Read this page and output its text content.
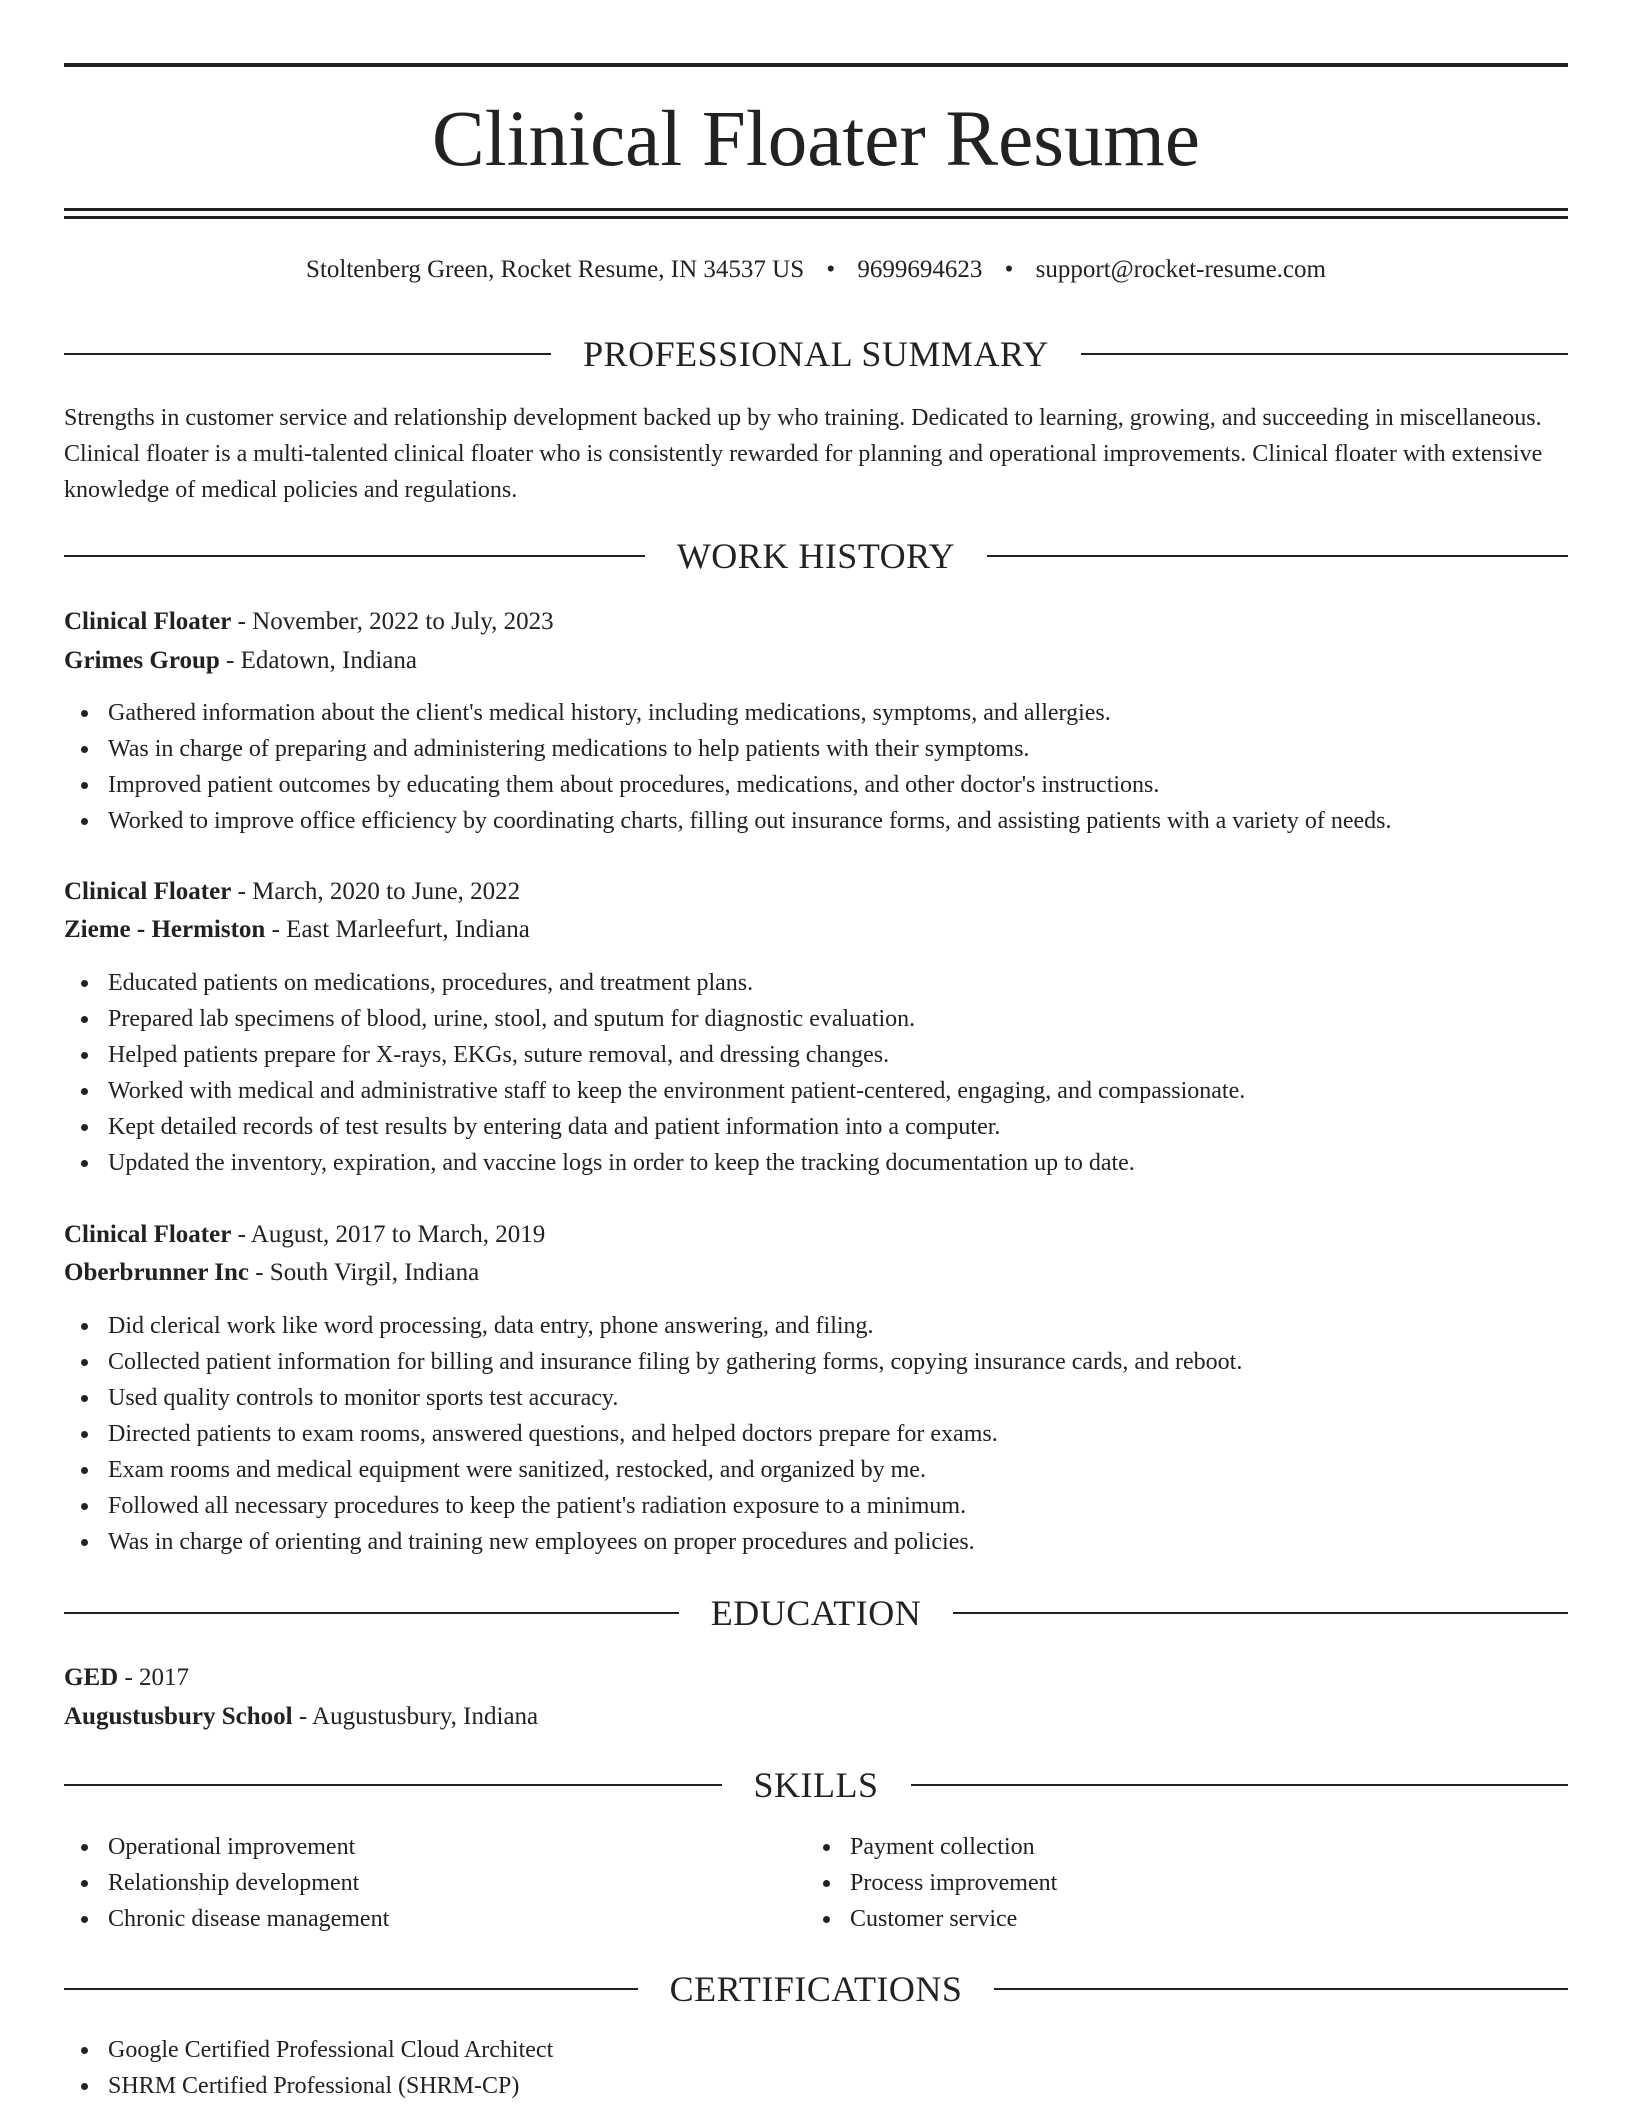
Clinical Floater Resume
Stoltenberg Green, Rocket Resume, IN 34537 US • 9699694623 • support@rocket-resume.com
PROFESSIONAL SUMMARY
Strengths in customer service and relationship development backed up by who training. Dedicated to learning, growing, and succeeding in miscellaneous. Clinical floater is a multi-talented clinical floater who is consistently rewarded for planning and operational improvements. Clinical floater with extensive knowledge of medical policies and regulations.
WORK HISTORY
Clinical Floater - November, 2022 to July, 2023
Grimes Group - Edatown, Indiana
Gathered information about the client's medical history, including medications, symptoms, and allergies.
Was in charge of preparing and administering medications to help patients with their symptoms.
Improved patient outcomes by educating them about procedures, medications, and other doctor's instructions.
Worked to improve office efficiency by coordinating charts, filling out insurance forms, and assisting patients with a variety of needs.
Clinical Floater - March, 2020 to June, 2022
Zieme - Hermiston - East Marleefurt, Indiana
Educated patients on medications, procedures, and treatment plans.
Prepared lab specimens of blood, urine, stool, and sputum for diagnostic evaluation.
Helped patients prepare for X-rays, EKGs, suture removal, and dressing changes.
Worked with medical and administrative staff to keep the environment patient-centered, engaging, and compassionate.
Kept detailed records of test results by entering data and patient information into a computer.
Updated the inventory, expiration, and vaccine logs in order to keep the tracking documentation up to date.
Clinical Floater - August, 2017 to March, 2019
Oberbrunner Inc - South Virgil, Indiana
Did clerical work like word processing, data entry, phone answering, and filing.
Collected patient information for billing and insurance filing by gathering forms, copying insurance cards, and reboot.
Used quality controls to monitor sports test accuracy.
Directed patients to exam rooms, answered questions, and helped doctors prepare for exams.
Exam rooms and medical equipment were sanitized, restocked, and organized by me.
Followed all necessary procedures to keep the patient's radiation exposure to a minimum.
Was in charge of orienting and training new employees on proper procedures and policies.
EDUCATION
GED - 2017
Augustusbury School - Augustusbury, Indiana
SKILLS
Operational improvement
Relationship development
Chronic disease management
Payment collection
Process improvement
Customer service
CERTIFICATIONS
Google Certified Professional Cloud Architect
SHRM Certified Professional (SHRM-CP)
